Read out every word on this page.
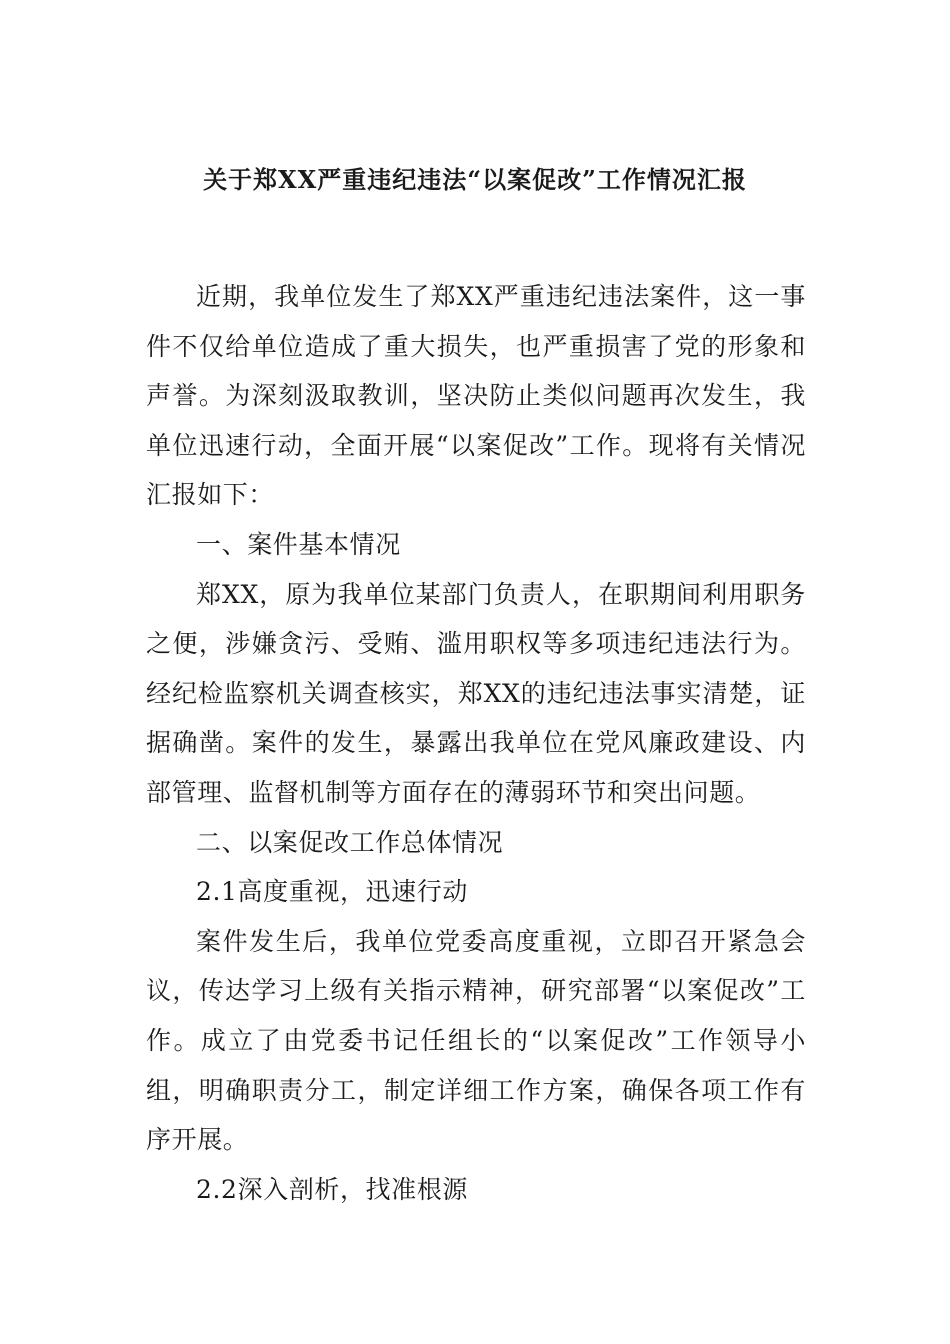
关于郑XX严重违纪违法“以案促改”工作情况汇报

近期，我单位发生了郑XX严重违纪违法案件，这一事件不仅给单位造成了重大损失，也严重损害了党的形象和声誉。为深刻汲取教训，坚决防止类似问题再次发生，我单位迅速行动，全面开展“以案促改”工作。现将有关情况汇报如下：

一、案件基本情况

郑XX，原为我单位某部门负责人，在职期间利用职务之便，涉嫌贪污、受贿、滥用职权等多项违纪违法行为。经纪检监察机关调查核实，郑XX的违纪违法事实清楚，证据确凿。案件的发生，暴露出我单位在党风廉政建设、内部管理、监督机制等方面存在的薄弱环节和突出问题。

二、以案促改工作总体情况

2.1高度重视，迅速行动

案件发生后，我单位党委高度重视，立即召开紧急会议，传达学习上级有关指示精神，研究部署“以案促改”工作。成立了由党委书记任组长的“以案促改”工作领导小组，明确职责分工，制定详细工作方案，确保各项工作有序开展。

2.2深入剖析，找准根源
